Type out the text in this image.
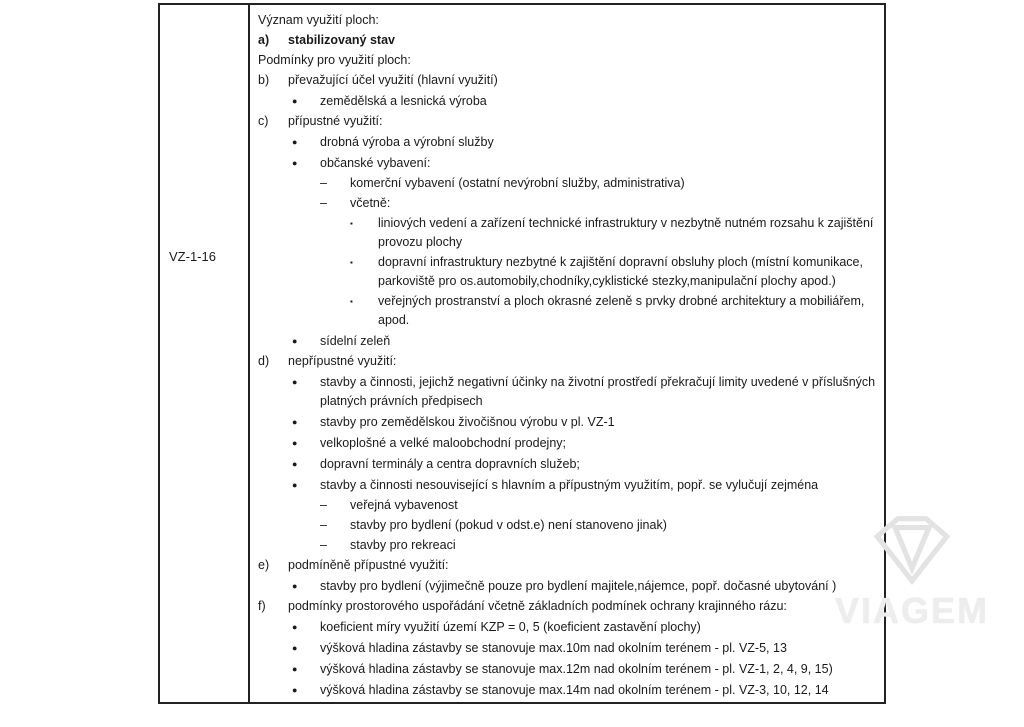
VZ-1-16
Význam využití ploch:
a)	stabilizovaný stav
Podmínky pro využití ploch:
b)	převažující účel využití (hlavní využití)
●	zemědělská a lesnická výroba
c)	přípustné využití:
●	drobná výroba a výrobní služby
●	občanské vybavení:
–	komerční vybavení (ostatní nevýrobní služby, administrativa)
–	včetně:
▪	liniových vedení a zařízení technické infrastruktury v nezbytně nutném rozsahu k zajištění provozu plochy
▪	dopravní infrastruktury nezbytné k zajištění dopravní obsluhy ploch (místní komunikace, parkoviště pro os.automobily,chodníky,cyklistické stezky,manipulační plochy apod.)
▪	veřejných prostranství a ploch okrasné zeleně s prvky drobné architektury a mobiliářem, apod.
●	sídelní zeleň
d)	nepřípustné využití:
●	stavby a činnosti, jejichž negativní účinky na životní prostředí překračují limity uvedené v příslušných platných právních předpisech
●	stavby pro zemědělskou živočišnou výrobu v pl. VZ-1
●	velkoplošné a velké maloobchodní prodejny;
●	dopravní terminály a centra dopravních služeb;
●	stavby a činnosti nesouvisející s hlavním a přípustným využitím, popř. se vylučují zejména
–	veřejná vybavenost
–	stavby pro bydlení (pokud v odst.e) není stanoveno jinak)
–	stavby pro rekreaci
e)	podmíněně přípustné využití:
●	stavby pro bydlení (výjimečně pouze pro bydlení majitele,nájemce, popř. dočasné ubytování )
f)	podmínky prostorového uspořádání včetně základních podmínek ochrany krajinného rázu:
●	koeficient míry využití území KZP = 0, 5 (koeficient zastavění plochy)
●	výšková hladina zástavby se stanovuje max.10m nad okolním terénem - pl. VZ-5, 13
●	výšková hladina zástavby se stanovuje max.12m nad okolním terénem - pl. VZ-1, 2, 4, 9, 15)
●	výšková hladina zástavby se stanovuje max.14m nad okolním terénem - pl. VZ-3, 10, 12, 14
VIAGEM
